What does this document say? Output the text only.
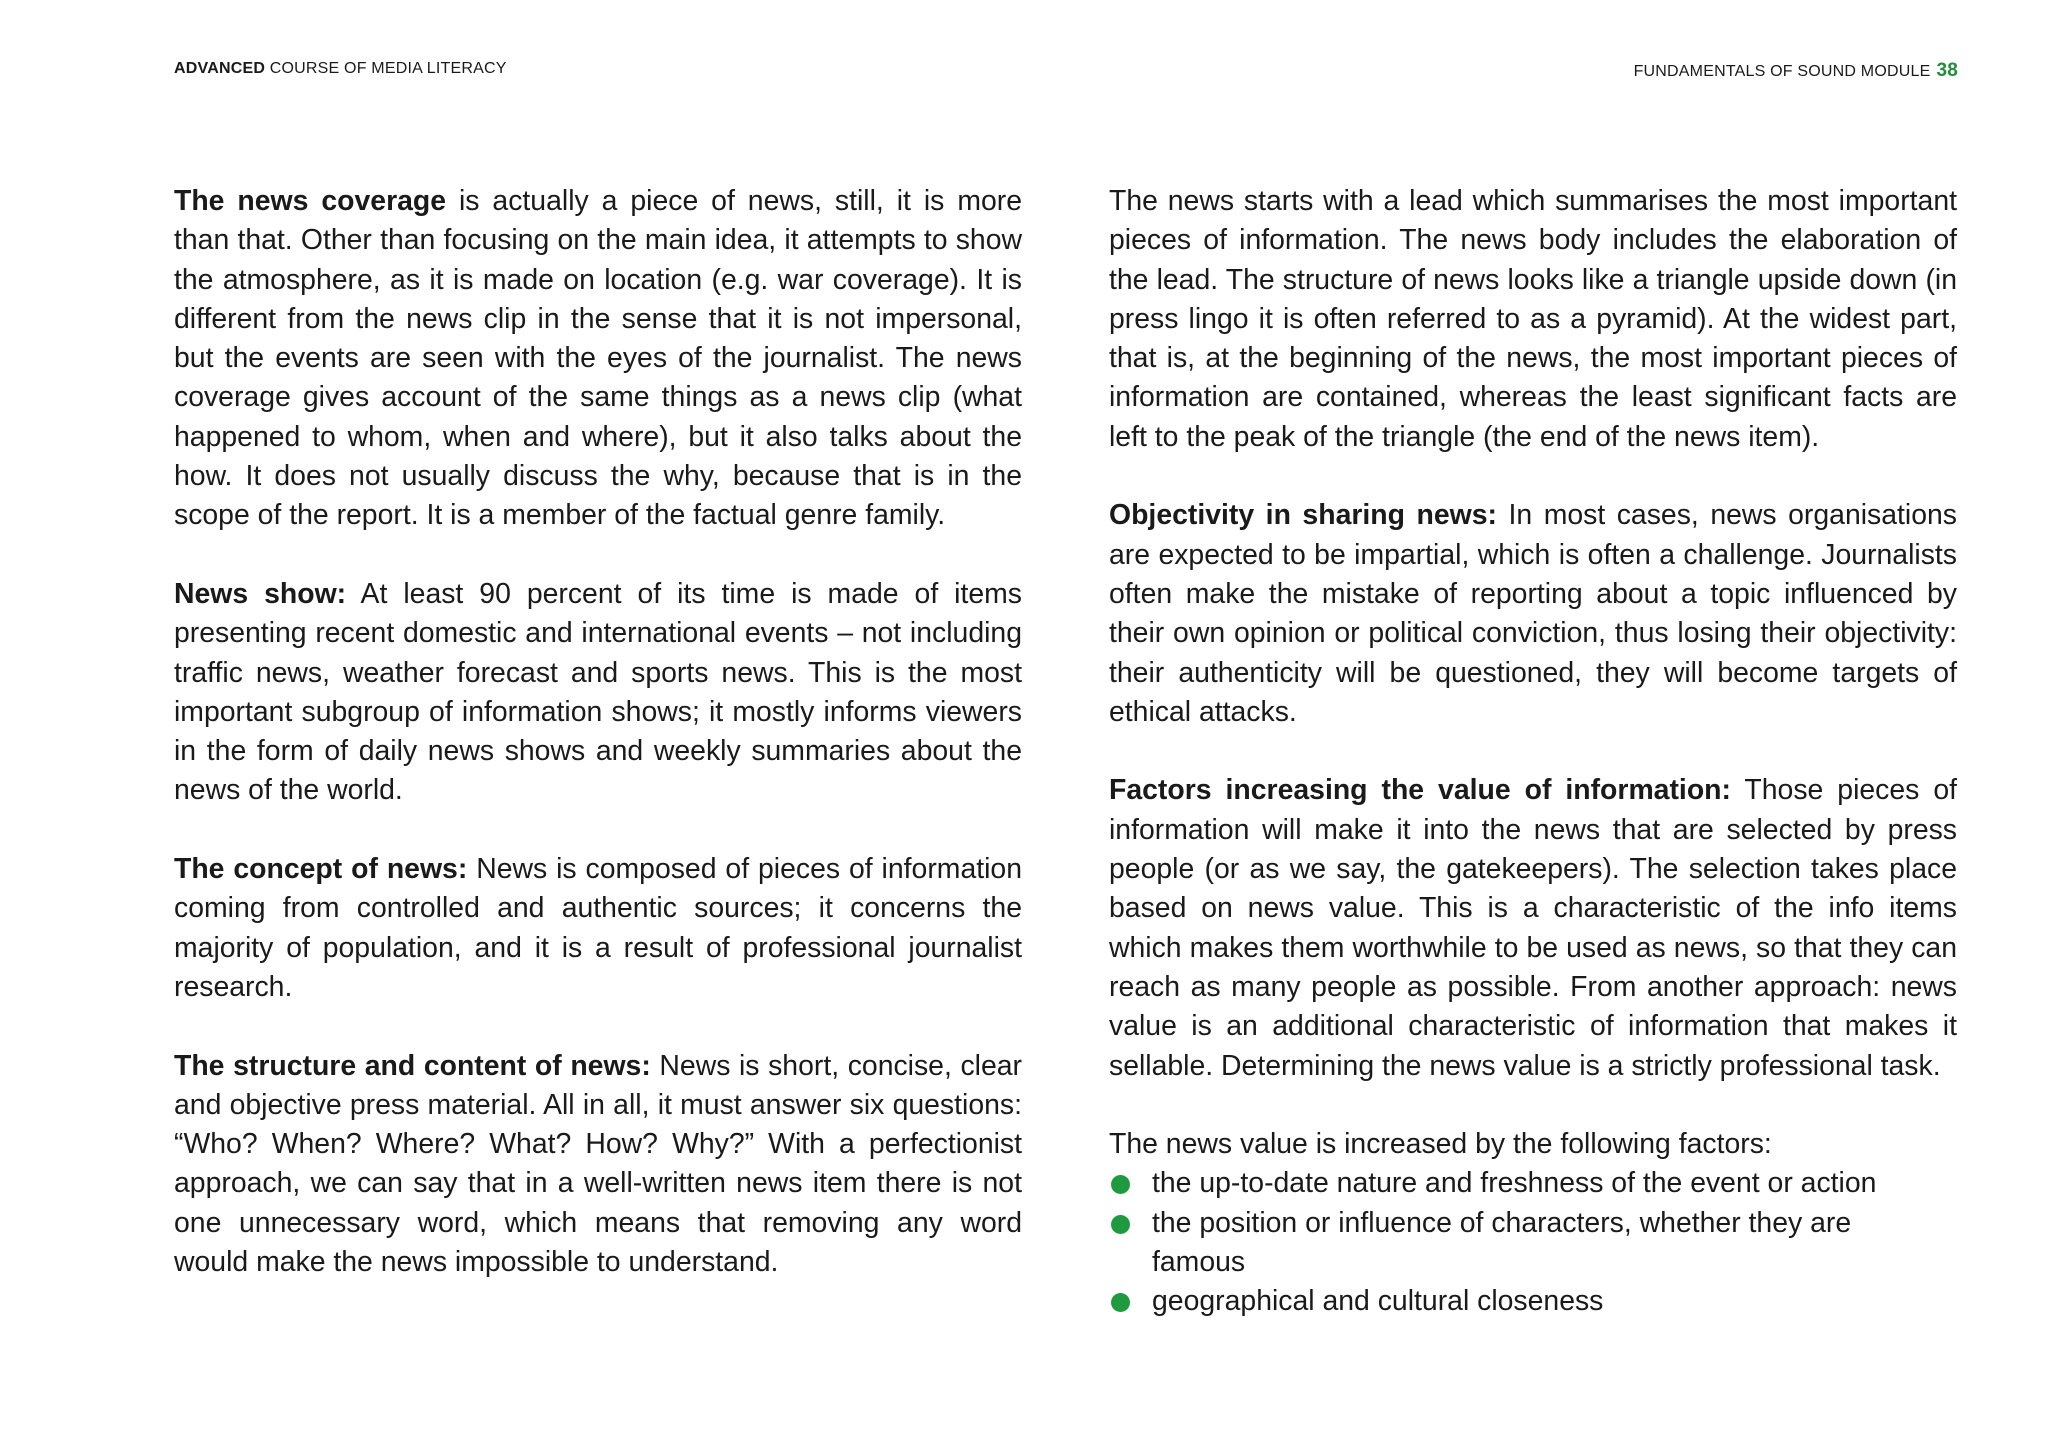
ADVANCED COURSE OF MEDIA LITERACY	FUNDAMENTALS OF SOUND MODULE 38

The news coverage is actually a piece of news, still, it is more than that. Other than focusing on the main idea, it attempts to show the atmosphere, as it is made on location (e.g. war coverage). It is different from the news clip in the sense that it is not impersonal, but the events are seen with the eyes of the journalist. The news coverage gives account of the same things as a news clip (what happened to whom, when and where), but it also talks about the how. It does not usually discuss the why, because that is in the scope of the report. It is a member of the factual genre family.

News show: At least 90 percent of its time is made of items presenting recent domestic and international events – not including traffic news, weather forecast and sports news. This is the most important subgroup of information shows; it mostly informs viewers in the form of daily news shows and weekly summaries about the news of the world.

The concept of news: News is composed of pieces of information coming from controlled and authentic sources; it concerns the majority of population, and it is a result of professional journalist research.

The structure and content of news: News is short, concise, clear and objective press material. All in all, it must answer six questions: “Who? When? Where? What? How? Why?” With a perfectionist approach, we can say that in a well-written news item there is not one unnecessary word, which means that removing any word would make the news impossible to understand.

The news starts with a lead which summarises the most important pieces of information. The news body includes the elaboration of the lead. The structure of news looks like a triangle upside down (in press lingo it is often referred to as a pyramid). At the widest part, that is, at the beginning of the news, the most important pieces of information are contained, whereas the least significant facts are left to the peak of the triangle (the end of the news item).

Objectivity in sharing news: In most cases, news organisations are expected to be impartial, which is often a challenge. Journalists often make the mistake of reporting about a topic influenced by their own opinion or political conviction, thus losing their objectivity: their authenticity will be questioned, they will become targets of ethical attacks.

Factors increasing the value of information: Those pieces of information will make it into the news that are selected by press people (or as we say, the gatekeepers). The selection takes place based on news value. This is a characteristic of the info items which makes them worthwhile to be used as news, so that they can reach as many people as possible. From another approach: news value is an additional characteristic of information that makes it sellable. Determining the news value is a strictly professional task.

The news value is increased by the following factors:

the up-to-date nature and freshness of the event or action
the position or influence of characters, whether they are famous
geographical and cultural closeness
